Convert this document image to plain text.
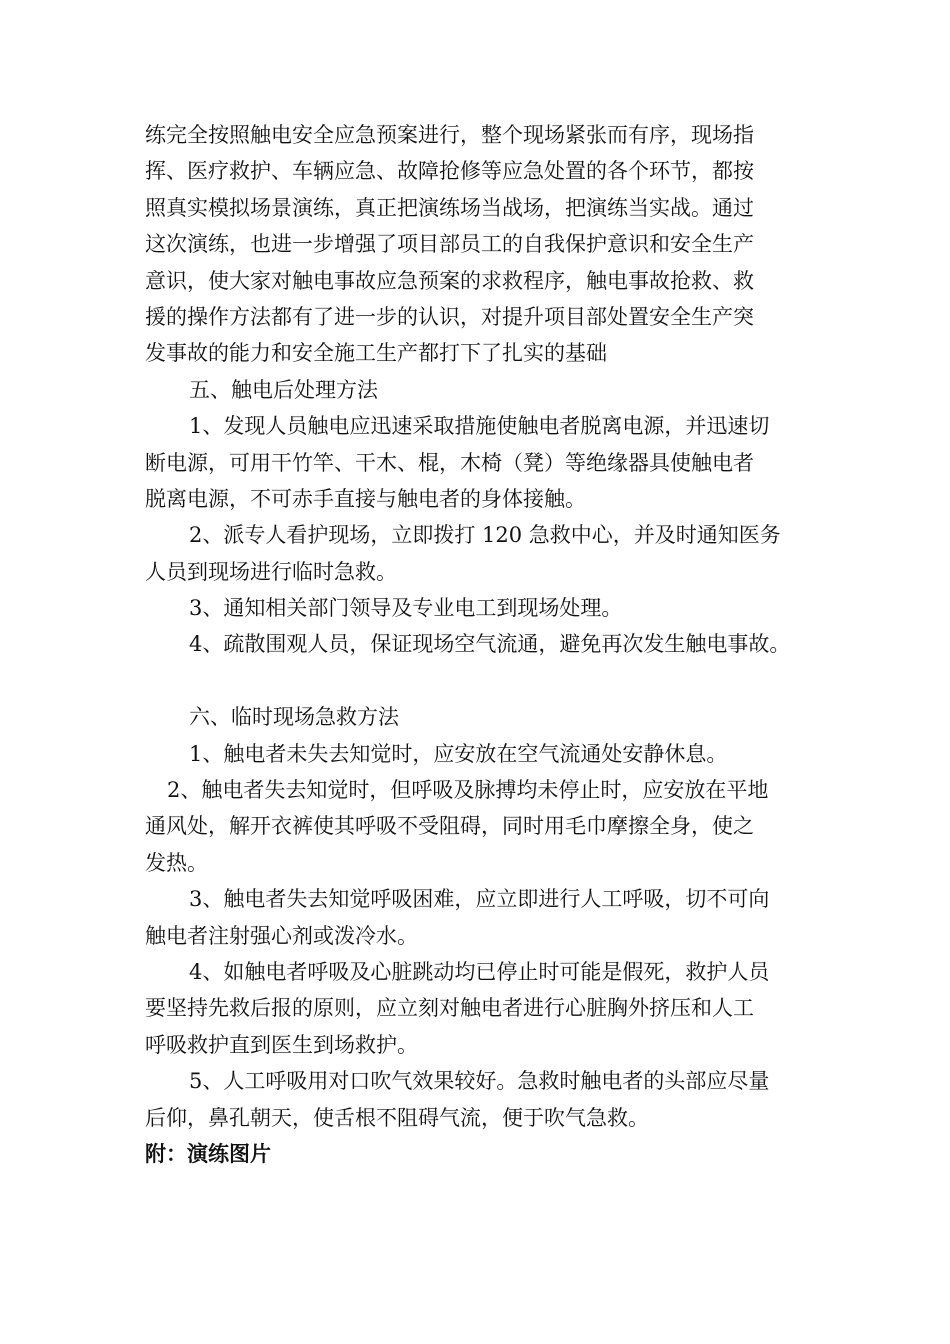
练完全按照触电安全应急预案进行，整个现场紧张而有序，现场指
挥、医疗救护、车辆应急、故障抢修等应急处置的各个环节，都按
照真实模拟场景演练，真正把演练场当战场，把演练当实战。通过
这次演练，也进一步增强了项目部员工的自我保护意识和安全生产
意识，使大家对触电事故应急预案的求救程序，触电事故抢救、救
援的操作方法都有了进一步的认识，对提升项目部处置安全生产突
发事故的能力和安全施工生产都打下了扎实的基础
五、触电后处理方法
1、发现人员触电应迅速采取措施使触电者脱离电源，并迅速切
断电源，可用干竹竿、干木、棍，木椅（凳）等绝缘器具使触电者
脱离电源，不可赤手直接与触电者的身体接触。
2、派专人看护现场，立即拨打 120 急救中心，并及时通知医务
人员到现场进行临时急救。
3、通知相关部门领导及专业电工到现场处理。
4、疏散围观人员，保证现场空气流通，避免再次发生触电事故。
六、临时现场急救方法
1、触电者未失去知觉时，应安放在空气流通处安静休息。
2、触电者失去知觉时，但呼吸及脉搏均未停止时，应安放在平地
通风处，解开衣裤使其呼吸不受阻碍，同时用毛巾摩擦全身，使之
发热。
3、触电者失去知觉呼吸困难，应立即进行人工呼吸，切不可向
触电者注射强心剂或泼冷水。
4、如触电者呼吸及心脏跳动均已停止时可能是假死，救护人员
要坚持先救后报的原则，应立刻对触电者进行心脏胸外挤压和人工
呼吸救护直到医生到场救护。
5、人工呼吸用对口吹气效果较好。急救时触电者的头部应尽量
后仰，鼻孔朝天，使舌根不阻碍气流，便于吹气急救。
附：演练图片
